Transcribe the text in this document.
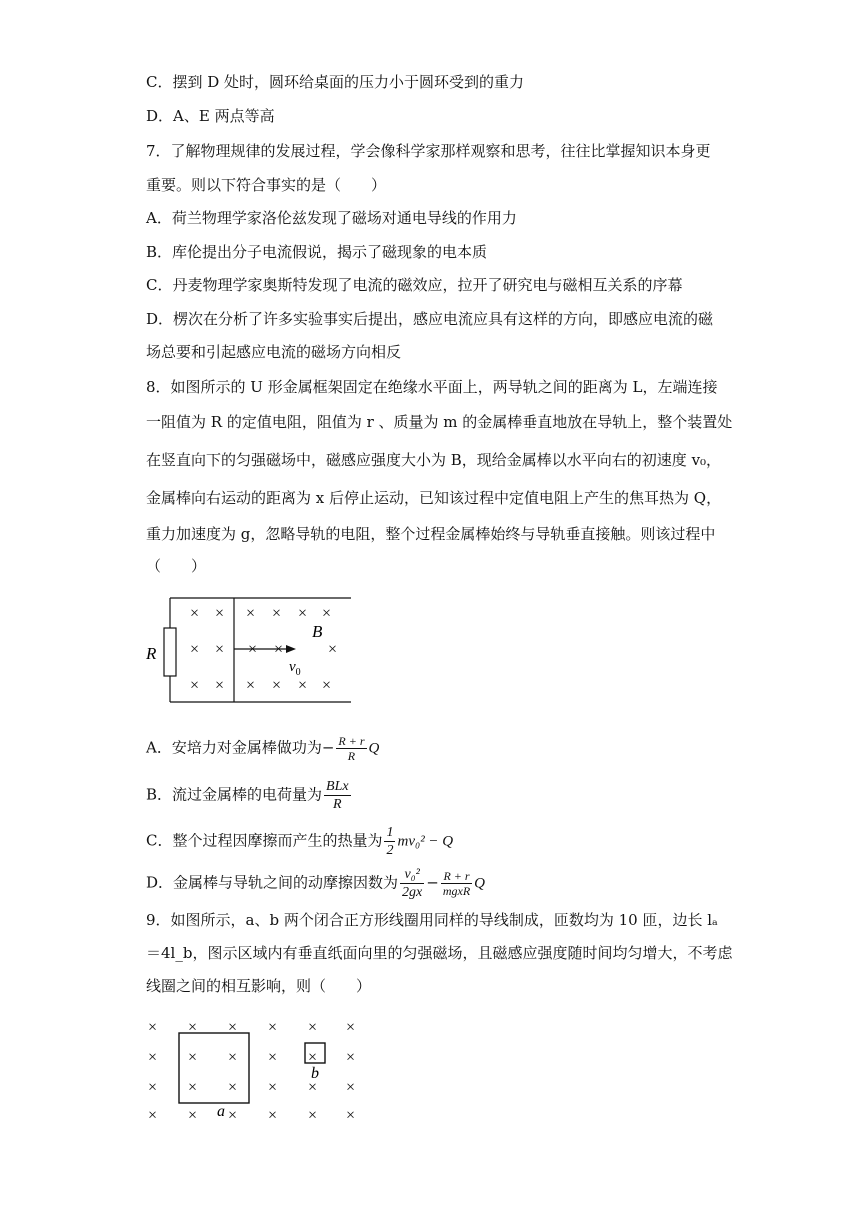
C．摆到 D 处时，圆环给桌面的压力小于圆环受到的重力
D．A、E 两点等高
7．了解物理规律的发展过程，学会像科学家那样观察和思考，往往比掌握知识本身更
重要。则以下符合事实的是（　　）
A．荷兰物理学家洛伦兹发现了磁场对通电导线的作用力
B．库伦提出分子电流假说，揭示了磁现象的电本质
C．丹麦物理学家奥斯特发现了电流的磁效应，拉开了研究电与磁相互关系的序幕
D．楞次在分析了许多实验事实后提出，感应电流应具有这样的方向，即感应电流的磁
场总要和引起感应电流的磁场方向相反
8．如图所示的 U 形金属框架固定在绝缘水平面上，两导轨之间的距离为 L，左端连接
一阻值为 R 的定值电阻，阻值为 r 、质量为 m 的金属棒垂直地放在导轨上，整个装置处
在竖直向下的匀强磁场中，磁感应强度大小为 B，现给金属棒以水平向右的初速度 v₀，
金属棒向右运动的距离为 x 后停止运动，已知该过程中定值电阻上产生的焦耳热为 Q，
重力加速度为 g，忽略导轨的电阻，整个过程金属棒始终与导轨垂直接触。则该过程中
（　　）
R
× × × × × ×
× × × ×	×
× × × × × ×
B
$v_0$
A．安培力对金属棒做功为− $\frac{R + r}{R}$ Q
B．流过金属棒的电荷量为 $\frac{\text{BLx}}{R}$
C．整个过程因摩擦而产生的热量为 $\frac{1}{2} mv_0^2 - Q$
D．金属棒与导轨之间的动摩擦因数为 $\frac{\text{v₀²}}{2gx} - \frac{R + r}{\text{mgxR}}$ Q
9．如图所示，a、b 两个闭合正方形线圈用同样的导线制成，匝数均为 10 匝，边长 lₐ
＝4l_b，图示区域内有垂直纸面向里的匀强磁场，且磁感应强度随时间均匀增大，不考虑
线圈之间的相互影响，则（　　）
× × × × × ×
× × × × × ×
× × × × × ×
× × × × × ×
a
b
